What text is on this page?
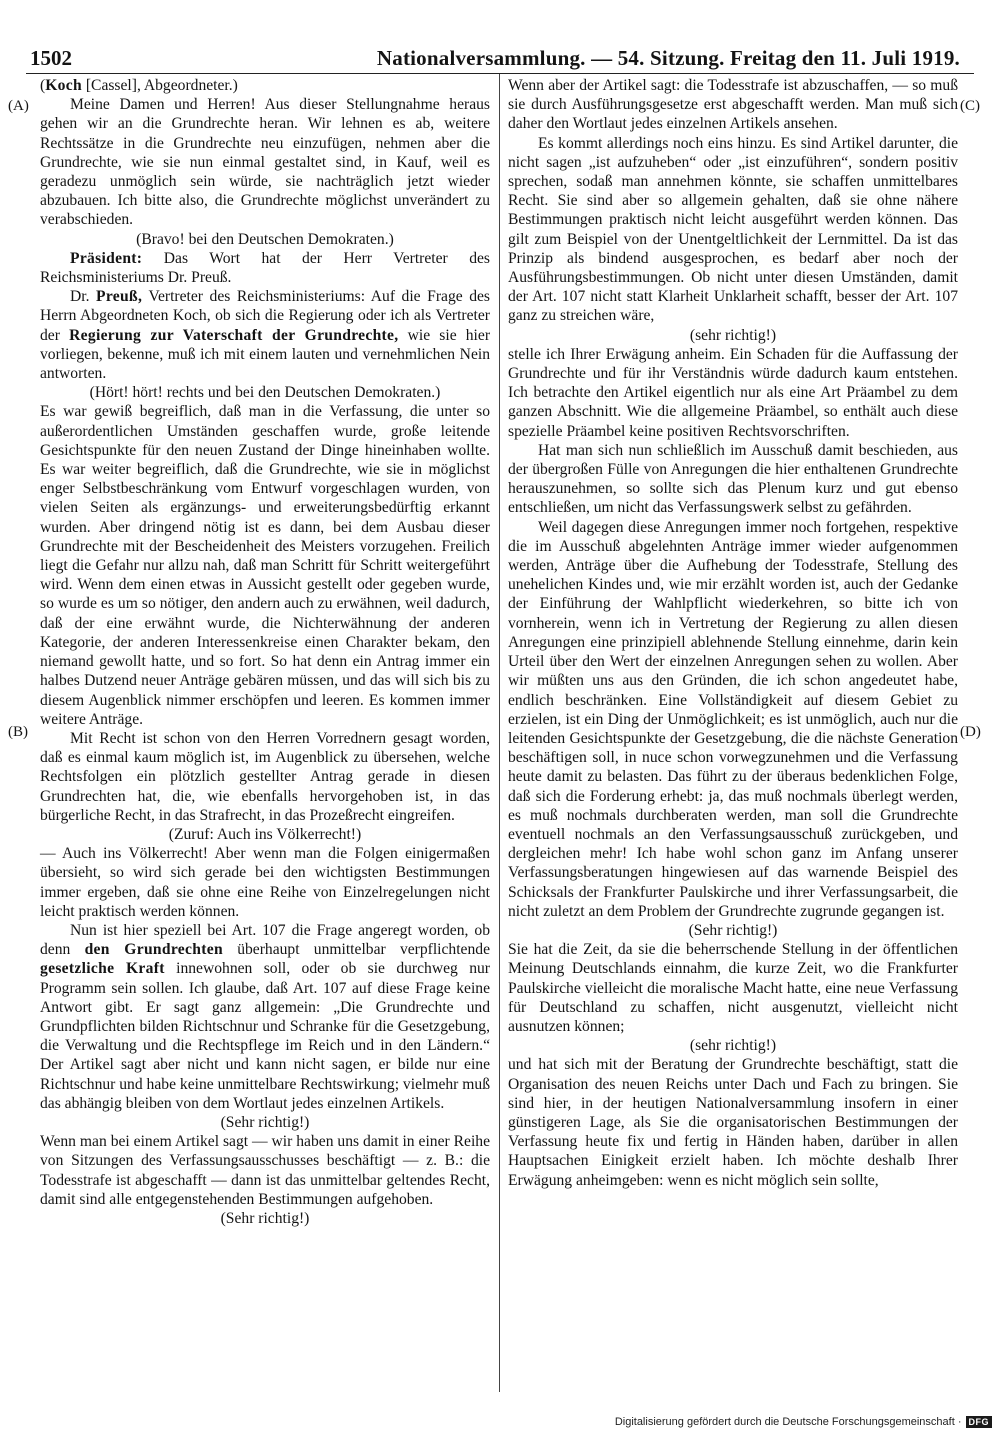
1502	Nationalversammlung. — 54. Sitzung. Freitag den 11. Juli 1919.
(A)
(B)
(C)
(D)

(Koch [Cassel], Abgeordneter.)

Meine Damen und Herren! Aus dieser Stellungnahme heraus gehen wir an die Grundrechte heran. Wir lehnen es ab, weitere Rechtssätze in die Grundrechte neu einzufügen, nehmen aber die Grundrechte, wie sie nun einmal gestaltet sind, in Kauf, weil es geradezu unmöglich sein würde, sie nachträglich jetzt wieder abzubauen. Ich bitte also, die Grundrechte möglichst unverändert zu verabschieden.

(Bravo! bei den Deutschen Demokraten.)

Präsident: Das Wort hat der Herr Vertreter des Reichsministeriums Dr. Preuß.

Dr. Preuß, Vertreter des Reichsministeriums: Auf die Frage des Herrn Abgeordneten Koch, ob sich die Regierung oder ich als Vertreter der Regierung zur Vaterschaft der Grundrechte, wie sie hier vorliegen, bekenne, muß ich mit einem lauten und vernehmlichen Nein antworten.

(Hört! hört! rechts und bei den Deutschen Demokraten.)

Es war gewiß begreiflich, daß man in die Verfassung, die unter so außerordentlichen Umständen geschaffen wurde, große leitende Gesichtspunkte für den neuen Zustand der Dinge hineinhaben wollte. Es war weiter begreiflich, daß die Grundrechte, wie sie in möglichst enger Selbstbeschränkung vom Entwurf vorgeschlagen wurden, von vielen Seiten als ergänzungs- und erweiterungsbedürftig erkannt wurden. Aber dringend nötig ist es dann, bei dem Ausbau dieser Grundrechte mit der Bescheidenheit des Meisters vorzugehen. Freilich liegt die Gefahr nur allzu nah, daß man Schritt für Schritt weitergeführt wird. Wenn dem einen etwas in Aussicht gestellt oder gegeben wurde, so wurde es um so nötiger, den andern auch zu erwähnen, weil dadurch, daß der eine erwähnt wurde, die Nichterwähnung der anderen Kategorie, der anderen Interessenkreise einen Charakter bekam, den niemand gewollt hatte, und so fort. So hat denn ein Antrag immer ein halbes Dutzend neuer Anträge gebären müssen, und das will sich bis zu diesem Augenblick nimmer erschöpfen und leeren. Es kommen immer weitere Anträge.

Mit Recht ist schon von den Herren Vorrednern gesagt worden, daß es einmal kaum möglich ist, im Augenblick zu übersehen, welche Rechtsfolgen ein plötzlich gestellter Antrag gerade in diesen Grundrechten hat, die, wie ebenfalls hervorgehoben ist, in das bürgerliche Recht, in das Strafrecht, in das Prozeßrecht eingreifen.

(Zuruf: Auch ins Völkerrecht!)

— Auch ins Völkerrecht! Aber wenn man die Folgen einigermaßen übersieht, so wird sich gerade bei den wichtigsten Bestimmungen immer ergeben, daß sie ohne eine Reihe von Einzelregelungen nicht leicht praktisch werden können.

Nun ist hier speziell bei Art. 107 die Frage angeregt worden, ob denn den Grundrechten überhaupt unmittelbar verpflichtende gesetzliche Kraft innewohnen soll, oder ob sie durchweg nur Programm sein sollen. Ich glaube, daß Art. 107 auf diese Frage keine Antwort gibt. Er sagt ganz allgemein: „Die Grundrechte und Grundpflichten bilden Richtschnur und Schranke für die Gesetzgebung, die Verwaltung und die Rechtspflege im Reich und in den Ländern.“ Der Artikel sagt aber nicht und kann nicht sagen, er bilde nur eine Richtschnur und habe keine unmittelbare Rechtswirkung; vielmehr muß das abhängig bleiben von dem Wortlaut jedes einzelnen Artikels.

(Sehr richtig!)

Wenn man bei einem Artikel sagt — wir haben uns damit in einer Reihe von Sitzungen des Verfassungsausschusses beschäftigt — z. B.: die Todesstrafe ist abgeschafft — dann ist das unmittelbar geltendes Recht, damit sind alle entgegenstehenden Bestimmungen aufgehoben.

(Sehr richtig!)

Wenn aber der Artikel sagt: die Todesstrafe ist abzuschaffen, — so muß sie durch Ausführungsgesetze erst abgeschafft werden. Man muß sich daher den Wortlaut jedes einzelnen Artikels ansehen.

Es kommt allerdings noch eins hinzu. Es sind Artikel darunter, die nicht sagen „ist aufzuheben“ oder „ist einzuführen“, sondern positiv sprechen, sodaß man annehmen könnte, sie schaffen unmittelbares Recht. Sie sind aber so allgemein gehalten, daß sie ohne nähere Bestimmungen praktisch nicht leicht ausgeführt werden können. Das gilt zum Beispiel von der Unentgeltlichkeit der Lernmittel. Da ist das Prinzip als bindend ausgesprochen, es bedarf aber noch der Ausführungsbestimmungen. Ob nicht unter diesen Umständen, damit der Art. 107 nicht statt Klarheit Unklarheit schafft, besser der Art. 107 ganz zu streichen wäre,

(sehr richtig!)

stelle ich Ihrer Erwägung anheim. Ein Schaden für die Auffassung der Grundrechte und für ihr Verständnis würde dadurch kaum entstehen. Ich betrachte den Artikel eigentlich nur als eine Art Präambel zu dem ganzen Abschnitt. Wie die allgemeine Präambel, so enthält auch diese spezielle Präambel keine positiven Rechtsvorschriften.

Hat man sich nun schließlich im Ausschuß damit beschieden, aus der übergroßen Fülle von Anregungen die hier enthaltenen Grundrechte herauszunehmen, so sollte sich das Plenum kurz und gut ebenso entschließen, um nicht das Verfassungswerk selbst zu gefährden.

Weil dagegen diese Anregungen immer noch fortgehen, respektive die im Ausschuß abgelehnten Anträge immer wieder aufgenommen werden, Anträge über die Aufhebung der Todesstrafe, Stellung des unehelichen Kindes und, wie mir erzählt worden ist, auch der Gedanke der Einführung der Wahlpflicht wiederkehren, so bitte ich von vornherein, wenn ich in Vertretung der Regierung zu allen diesen Anregungen eine prinzipiell ablehnende Stellung einnehme, darin kein Urteil über den Wert der einzelnen Anregungen sehen zu wollen. Aber wir müßten uns aus den Gründen, die ich schon angedeutet habe, endlich beschränken. Eine Vollständigkeit auf diesem Gebiet zu erzielen, ist ein Ding der Unmöglichkeit; es ist unmöglich, auch nur die leitenden Gesichtspunkte der Gesetzgebung, die die nächste Generation beschäftigen soll, in nuce schon vorwegzunehmen und die Verfassung heute damit zu belasten. Das führt zu der überaus bedenklichen Folge, daß sich die Forderung erhebt: ja, das muß nochmals überlegt werden, es muß nochmals durchberaten werden, man soll die Grundrechte eventuell nochmals an den Verfassungsausschuß zurückgeben, und dergleichen mehr! Ich habe wohl schon ganz im Anfang unserer Verfassungsberatungen hingewiesen auf das warnende Beispiel des Schicksals der Frankfurter Paulskirche und ihrer Verfassungsarbeit, die nicht zuletzt an dem Problem der Grundrechte zugrunde gegangen ist.

(Sehr richtig!)

Sie hat die Zeit, da sie die beherrschende Stellung in der öffentlichen Meinung Deutschlands einnahm, die kurze Zeit, wo die Frankfurter Paulskirche vielleicht die moralische Macht hatte, eine neue Verfassung für Deutschland zu schaffen, nicht ausgenutzt, vielleicht nicht ausnutzen können;

(sehr richtig!)

und hat sich mit der Beratung der Grundrechte beschäftigt, statt die Organisation des neuen Reichs unter Dach und Fach zu bringen. Sie sind hier, in der heutigen Nationalversammlung insofern in einer günstigeren Lage, als Sie die organisatorischen Bestimmungen der Verfassung heute fix und fertig in Händen haben, darüber in allen Hauptsachen Einigkeit erzielt haben. Ich möchte deshalb Ihrer Erwägung anheimgeben: wenn es nicht möglich sein sollte,

Digitalisierung gefördert durch die Deutsche Forschungsgemeinschaft · DFG
